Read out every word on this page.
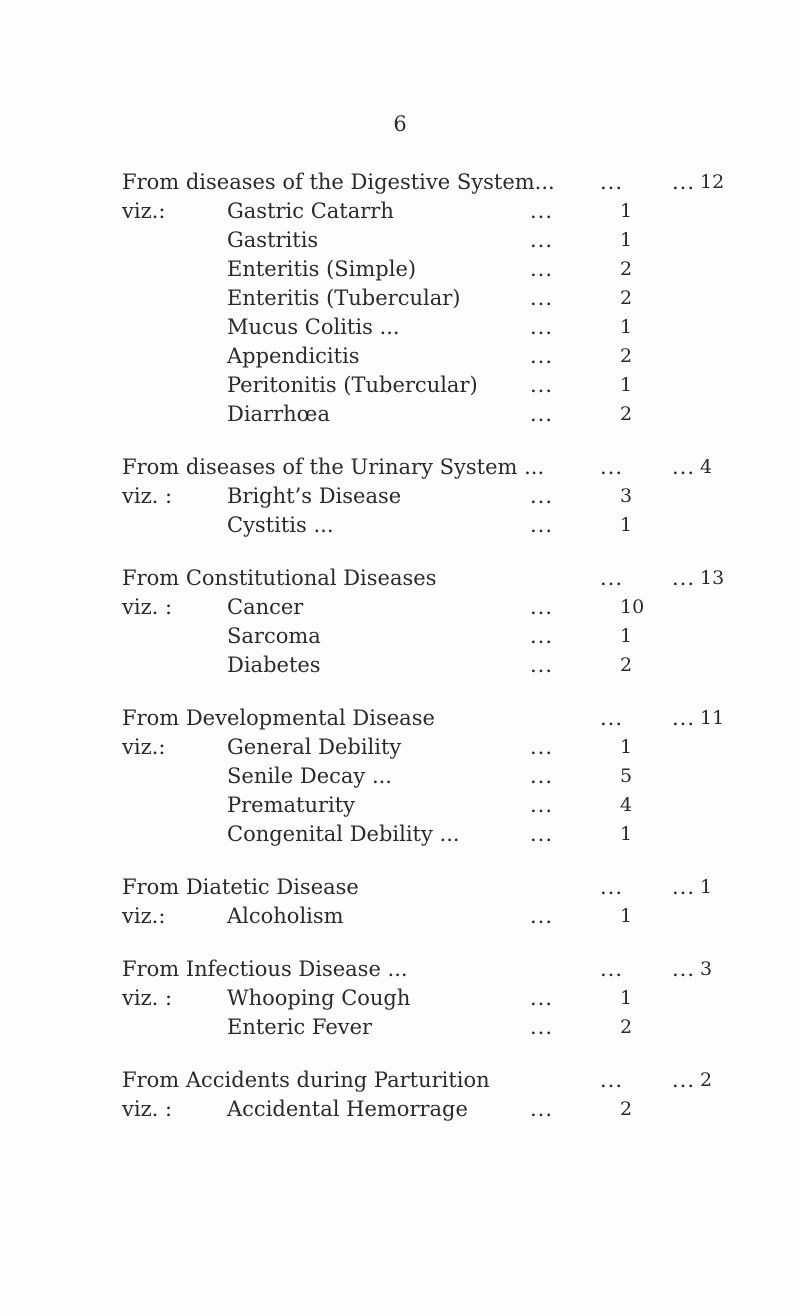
6
From diseases of the Digestive System... ... ... 12
viz.:	Gastric Catarrh	...	1
Gastritis	...	1
Enteritis (Simple)	...	2
Enteritis (Tubercular)	...	2
Mucus Colitis ...	...	1
Appendicitis	...	2
Peritonitis (Tubercular) ...	1
Diarrhœa	...	2
From diseases of the Urinary System ...	... ... 4
viz. :	Bright’s Disease	...	3
Cystitis ...	...	1
From Constitutional Diseases	... ... 13
viz. :	Cancer	...	10
Sarcoma	...	1
Diabetes	...	2
From Developmental Disease	... ... 11
viz.:	General Debility	...	1
Senile Decay ...	...	5
Prematurity	...	4
Congenital Debility ...	...	1
From Diatetic Disease	... ... 1
viz.:	Alcoholism	...	1
From Infectious Disease ...	... ... 3
viz. :	Whooping Cough	...	1
Enteric Fever	...	2
From Accidents during Parturition	... ... 2
viz. :	Accidental Hemorrage	...	2
